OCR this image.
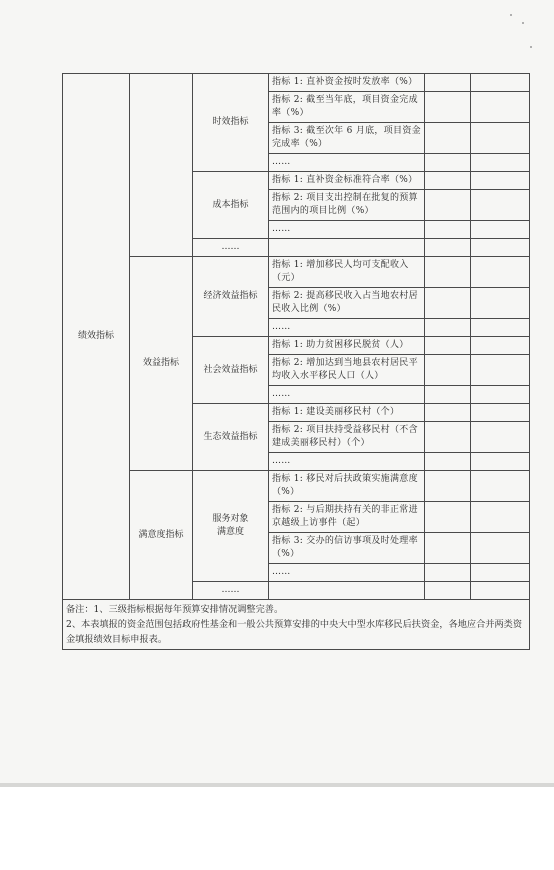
绩效指标		时效指标	指标 1: 直补资金按时发放率（%）		
			指标 2: 截至当年底，项目资金完成率（%）		
			指标 3: 截至次年 6 月底，项目资金完成率（%）		
			……		
		成本指标	指标 1: 直补资金标准符合率（%）		
			指标 2: 项目支出控制在批复的预算范围内的项目比例（%）		
			……		
		……			
	效益指标	经济效益指标	指标 1: 增加移民人均可支配收入（元）		
			指标 2: 提高移民收入占当地农村居民收入比例（%）		
			……		
		社会效益指标	指标 1: 助力贫困移民脱贫（人）		
			指标 2: 增加达到当地县农村居民平均收入水平移民人口（人）		
			……		
		生态效益指标	指标 1: 建设美丽移民村（个）		
			指标 2: 项目扶持受益移民村（不含建成美丽移民村）（个）		
			……		
	满意度指标	服务对象
满意度	指标 1: 移民对后扶政策实施满意度（%）		
			指标 2: 与后期扶持有关的非正常进京越级上访事件（起）		
			指标 3: 交办的信访事项及时处理率（%）		
			……		
		……			

备注：1、三级指标根据每年预算安排情况调整完善。
2、本表填报的资金范围包括政府性基金和一般公共预算安排的中央大中型水库移民后扶资金，各地应合并两类资金填报绩效目标申报表。					
